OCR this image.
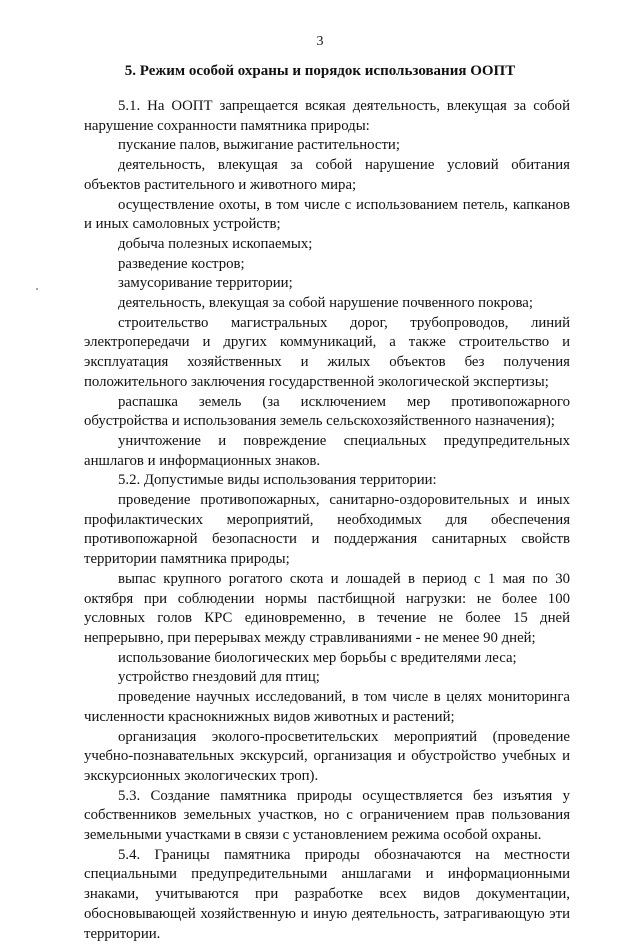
3
5. Режим особой охраны и порядок использования ООПТ

5.1. На ООПТ запрещается всякая деятельность, влекущая за собой нарушение сохранности памятника природы:

пускание палов, выжигание растительности;

деятельность, влекущая за собой нарушение условий обитания объектов растительного и животного мира;

осуществление охоты, в том числе с использованием петель, капканов и иных самоловных устройств;

добыча полезных ископаемых;

разведение костров;

замусоривание территории;

деятельность, влекущая за собой нарушение почвенного покрова;

строительство магистральных дорог, трубопроводов, линий электропередачи и других коммуникаций, а также строительство и эксплуатация хозяйственных и жилых объектов без получения положительного заключения государственной экологической экспертизы;

распашка земель (за исключением мер противопожарного обустройства и использования земель сельскохозяйственного назначения);

уничтожение и повреждение специальных предупредительных аншлагов и информационных знаков.

5.2. Допустимые виды использования территории:

проведение противопожарных, санитарно-оздоровительных и иных профилактических мероприятий, необходимых для обеспечения противопожарной безопасности и поддержания санитарных свойств территории памятника природы;

выпас крупного рогатого скота и лошадей в период с 1 мая по 30 октября при соблюдении нормы пастбищной нагрузки: не более 100 условных голов КРС единовременно, в течение не более 15 дней непрерывно, при перерывах между стравливаниями - не менее 90 дней;

использование биологических мер борьбы с вредителями леса;

устройство гнездовий для птиц;

проведение научных исследований, в том числе в целях мониторинга численности краснокнижных видов животных и растений;

организация эколого-просветительских мероприятий (проведение учебно-познавательных экскурсий, организация и обустройство учебных и экскурсионных экологических троп).

5.3. Создание памятника природы осуществляется без изъятия у собственников земельных участков, но с ограничением прав пользования земельными участками в связи с установлением режима особой охраны.

5.4. Границы памятника природы обозначаются на местности специальными предупредительными аншлагами и информационными знаками, учитываются при разработке всех видов документации, обосновывающей хозяйственную и иную деятельность, затрагивающую эти территории.
